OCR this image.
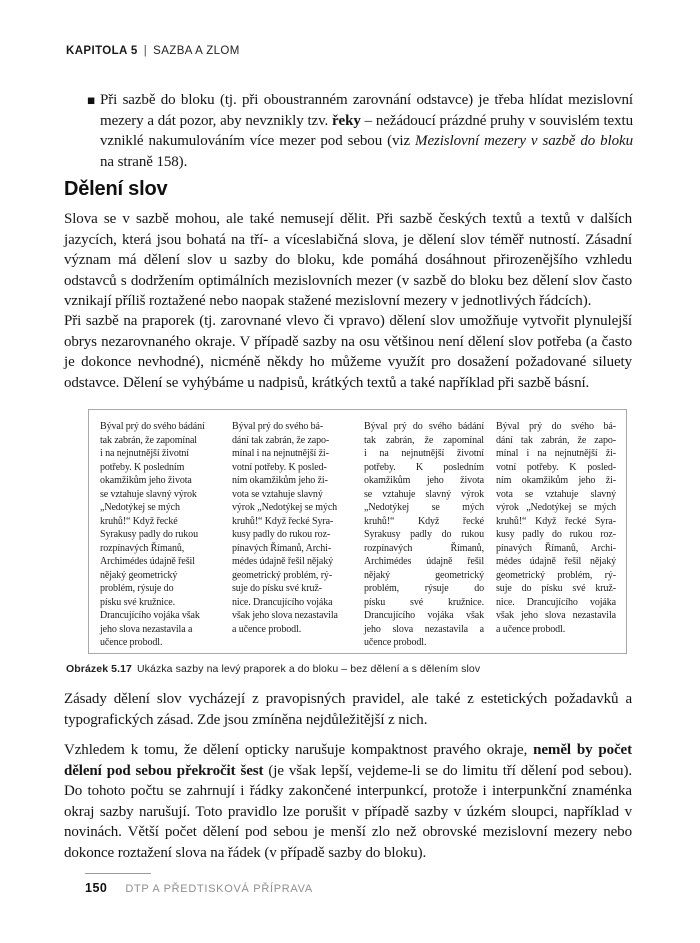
KAPITOLA 5 | SAZBA A ZLOM
■ Při sazbě do bloku (tj. při oboustranném zarovnání odstavce) je třeba hlídat mezislovní mezery a dát pozor, aby nevznikly tzv. řeky – nežádoucí prázdné pruhy v souvislém textu vzniklé nakumulováním více mezer pod sebou (viz Mezislovní mezery v sazbě do bloku na straně 158).

Dělení slov

Slova se v sazbě mohou, ale také nemusejí dělit. Při sazbě českých textů a textů v dalších jazycích, která jsou bohatá na tří- a víceslabičná slova, je dělení slov téměř nutností. Zásadní význam má dělení slov u sazby do bloku, kde pomáhá dosáhnout přirozenějšího vzhledu odstavců s dodržením optimálních mezislovních mezer (v sazbě do bloku bez dělení slov často vznikají příliš roztažené nebo naopak stažené mezislovní mezery v jednotlivých řádcích).

Při sazbě na praporek (tj. zarovnané vlevo či vpravo) dělení slov umožňuje vytvořit plynulejší obrys nezarovnaného okraje. V případě sazby na osu většinou není dělení slov potřeba (a často je dokonce nevhodné), nicméně někdy ho můžeme využít pro dosažení požadované siluety odstavce. Dělení se vyhýbáme u nadpisů, krátkých textů a také například při sazbě básní.

Býval prý do svého bádání
tak zabrán, že zapomínal
i na nejnutnější životní
potřeby. K posledním
okamžikům jeho života
se vztahuje slavný výrok
„Nedotýkej se mých
kruhů!“ Když řecké
Syrakusy padly do rukou
rozpínavých Římanů,
Archimédes údajně řešil
nějaký geometrický
problém, rýsuje do
písku své kružnice.
Drancujícího vojáka však
jeho slova nezastavila a
učence probodl.
Býval prý do svého bá-
dání tak zabrán, že zapo-
mínal i na nejnutnější ži-
votní potřeby. K posled-
ním okamžikům jeho ži-
vota se vztahuje slavný
výrok „Nedotýkej se mých
kruhů!“ Když řecké Syra-
kusy padly do rukou roz-
pínavých Římanů, Archi-
médes údajně řešil nějaký
geometrický problém, rý-
suje do písku své kruž-
nice. Drancujícího vojáka
však jeho slova nezastavila
a učence probodl.
Býval prý do svého bádání
tak zabrán, že zapomínal
i na nejnutnější životní
potřeby. K posledním
okamžikům jeho života
se vztahuje slavný výrok
„Nedotýkej se mých
kruhů!“ Když řecké
Syrakusy padly do rukou
rozpínavých Římanů,
Archimédes údajně řešil
nějaký geometrický
problém, rýsuje do
písku své kružnice.
Drancujícího vojáka však
jeho slova nezastavila a
učence probodl.
Býval prý do svého bá-
dání tak zabrán, že zapo-
mínal i na nejnutnější ži-
votní potřeby. K posled-
ním okamžikům jeho ži-
vota se vztahuje slavný
výrok „Nedotýkej se mých
kruhů!“ Když řecké Syra-
kusy padly do rukou roz-
pínavých Římanů, Archi-
médes údajně řešil nějaký
geometrický problém, rý-
suje do písku své kruž-
nice. Drancujícího vojáka
však jeho slova nezastavila
a učence probodl.

Obrázek 5.17 Ukázka sazby na levý praporek a do bloku – bez dělení a s dělením slov

Zásady dělení slov vycházejí z pravopisných pravidel, ale také z estetických požadavků a typografických zásad. Zde jsou zmíněna nejdůležitější z nich.

Vzhledem k tomu, že dělení opticky narušuje kompaktnost pravého okraje, neměl by počet dělení pod sebou překročit šest (je však lepší, vejdeme-li se do limitu tří dělení pod sebou). Do tohoto počtu se zahrnují i řádky zakončené interpunkcí, protože i interpunkční znaménka okraj sazby narušují. Toto pravidlo lze porušit v případě sazby v úzkém sloupci, například v novinách. Větší počet dělení pod sebou je menší zlo než obrovské mezislovní mezery nebo dokonce roztažení slova na řádek (v případě sazby do bloku).

150 DTP A PŘEDTISKOVÁ PŘÍPRAVA
